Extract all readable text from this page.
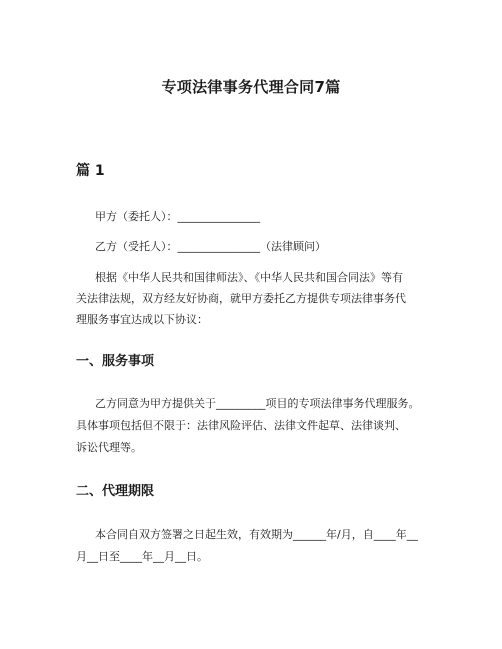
专项法律事务代理合同7篇
篇 1
甲方（委托人）：_______________
乙方（受托人）：_______________（法律顾问）
根据《中华人民共和国律师法》、《中华人民共和国合同法》等有
关法律法规，双方经友好协商，就甲方委托乙方提供专项法律事务代
理服务事宜达成以下协议：
一、服务事项
乙方同意为甲方提供关于_________项目的专项法律事务代理服务。
具体事项包括但不限于：法律风险评估、法律文件起草、法律谈判、
诉讼代理等。
二、代理期限
本合同自双方签署之日起生效，有效期为______年/月，自____年__
月__日至____年__月__日。
